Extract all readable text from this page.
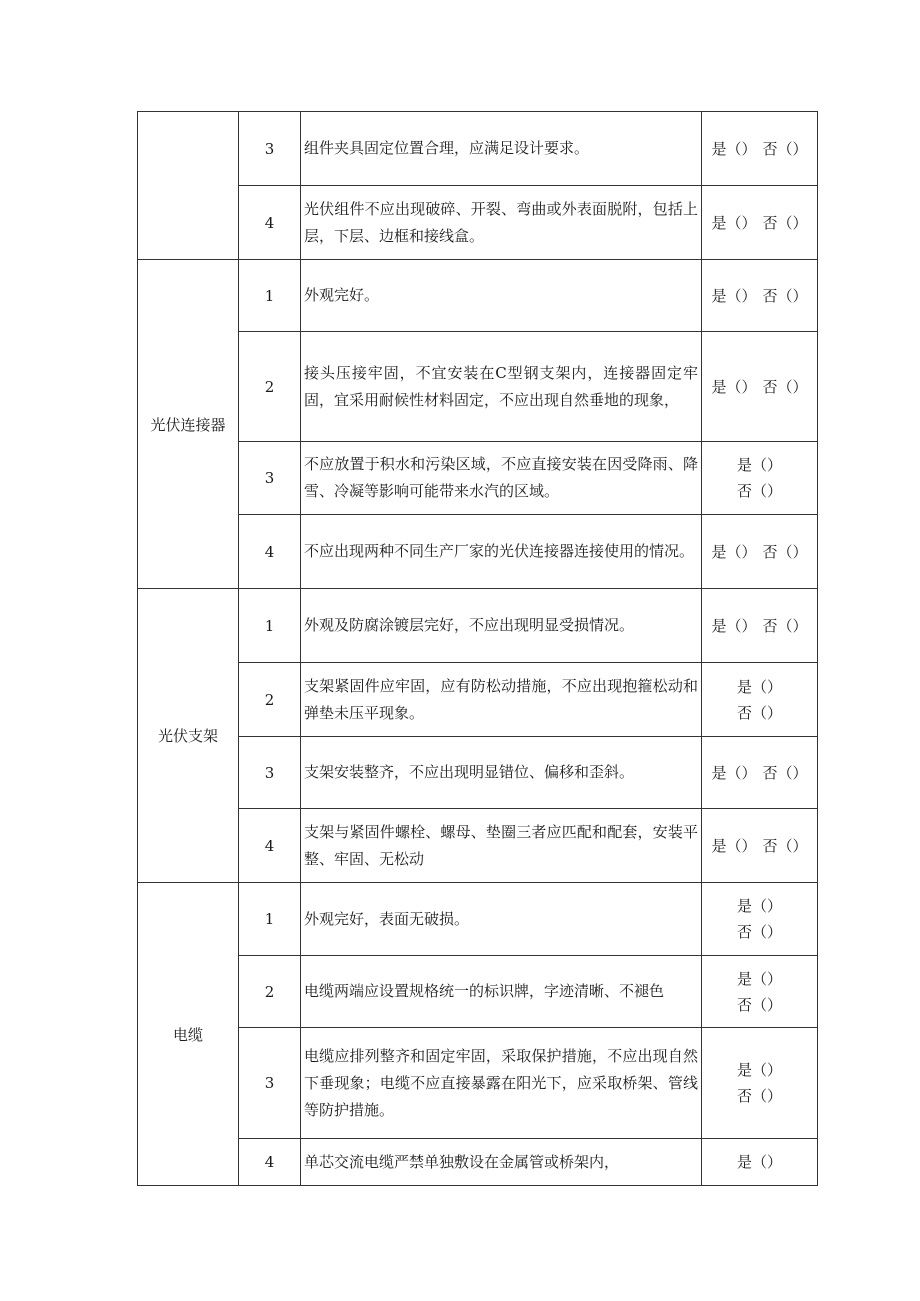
	3	组件夹具固定位置合理，应满足设计要求。	是（） 否（）
	4	光伏组件不应出现破碎、开裂、弯曲或外表面脱附，包括上层，下层、边框和接线盒。	是（） 否（）
光伏连接器	1	外观完好。	是（） 否（）
	2	接头压接牢固，不宜安装在C型钢支架内，连接器固定牢固，宜采用耐候性材料固定，不应出现自然垂地的现象，	是（） 否（）
	3	不应放置于积水和污染区域，不应直接安装在因受降雨、降雪、冷凝等影响可能带来水汽的区域。	是（）
否（）

	4	不应出现两种不同生产厂家的光伏连接器连接使用的情况。	是（） 否（）
光伏支架	1	外观及防腐涂镀层完好，不应出现明显受损情况。	是（） 否（）
	2	支架紧固件应牢固，应有防松动措施，不应出现抱箍松动和弹垫未压平现象。	是（）
否（）

	3	支架安装整齐，不应出现明显错位、偏移和歪斜。	是（） 否（）
	4	支架与紧固件螺栓、螺母、垫圈三者应匹配和配套，安装平整、牢固、无松动	是（） 否（）
电缆	1	外观完好，表面无破损。	是（）
否（）

	2	电缆两端应设置规格统一的标识牌，字迹清晰、不褪色	是（）
否（）

	3	电缆应排列整齐和固定牢固，采取保护措施，不应出现自然下垂现象；电缆不应直接暴露在阳光下，应采取桥架、管线等防护措施。	是（）
否（）

	4	单芯交流电缆严禁单独敷设在金属管或桥架内，	是（）
